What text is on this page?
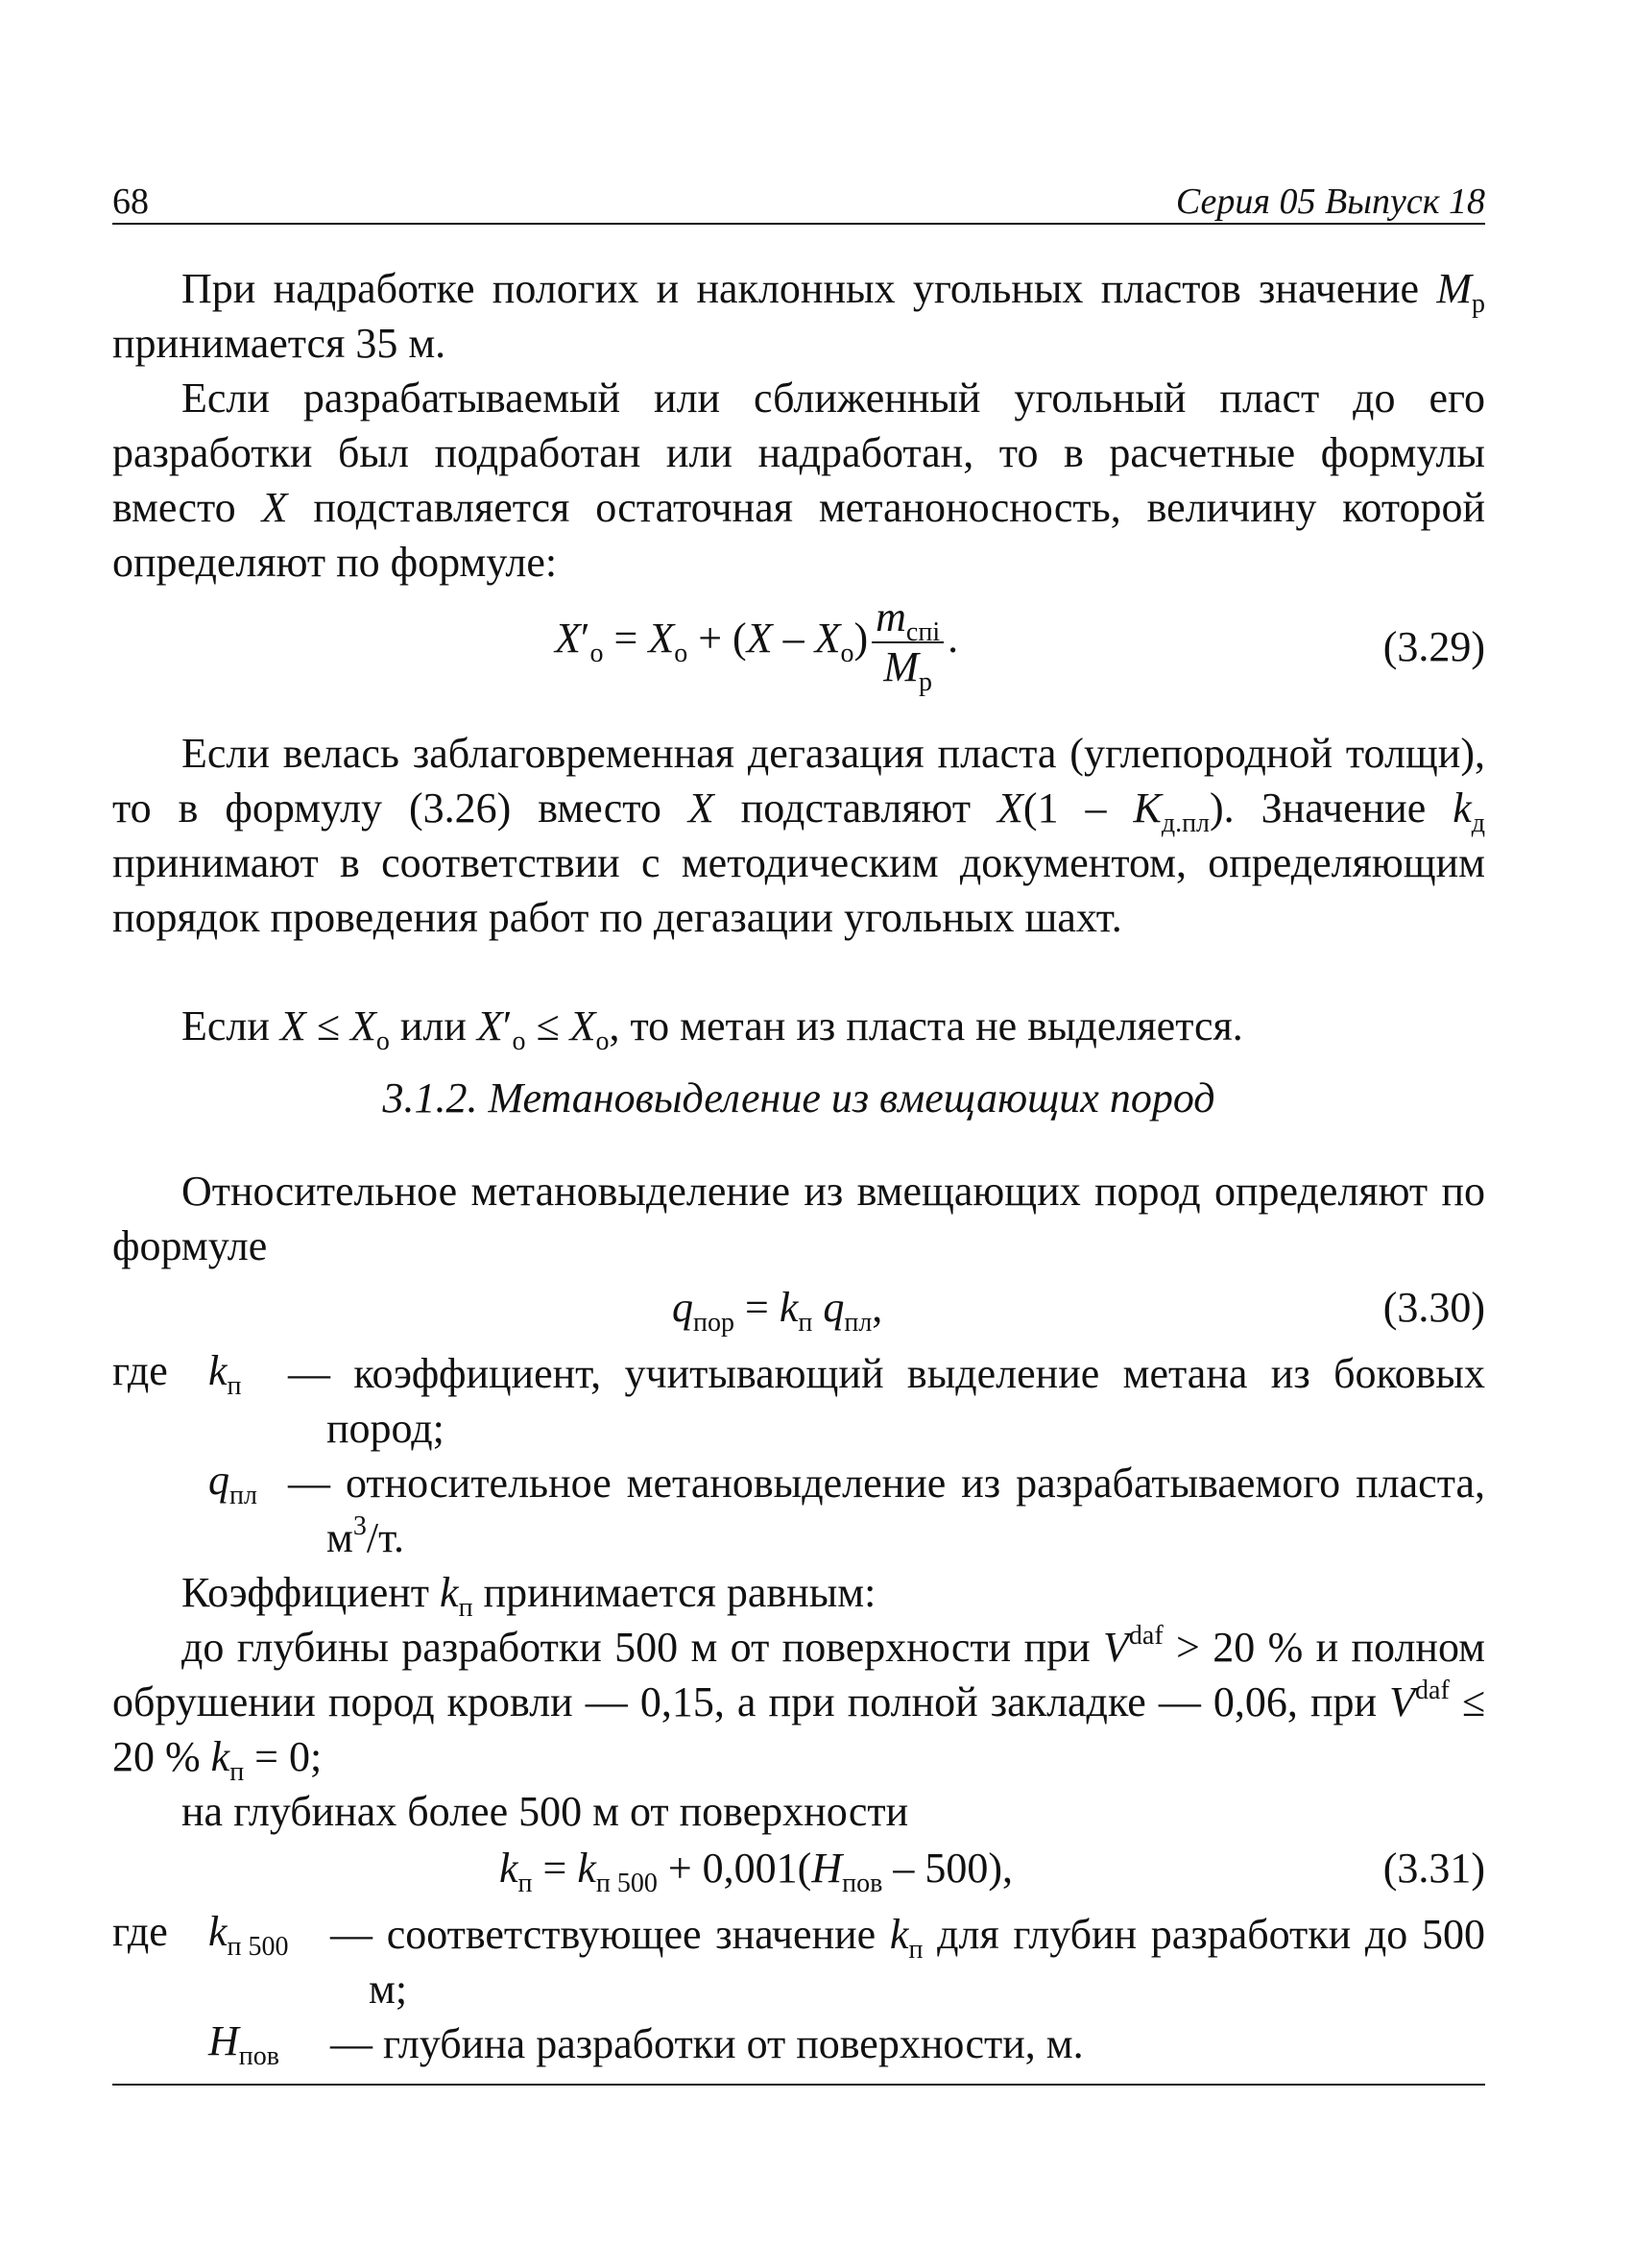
68	Серия 05 Выпуск 18

При надработке пологих и наклонных угольных пластов значение $M_р$ принимается 35 м.

Если разрабатываемый или сближенный угольный пласт до его разработки был подработан или надработан, то в расчетные формулы вместо X подставляется остаточная метаноносность, величину которой определяют по формуле:

$X'_о = X_о + (X - X_о) \frac{m_{спi}}{M_р}$ .	(3.29)

Если велась заблаговременная дегазация пласта (углепородной толщи), то в формулу (3.26) вместо X подставляют $X(1 - K_{д.пл})$. Значение $k_д$ принимают в соответствии с методическим документом, определяющим порядок проведения работ по дегазации угольных шахт.

Если $X \le X_о$ или $X'_о \le X_о$, то метан из пласта не выделяется.

3.1.2. Метановыделение из вмещающих пород

Относительное метановыделение из вмещающих пород определяют по формуле

$q_{пор} = k_п$ $q_{пл}$,	(3.30)
где $k_п$ — коэффициент, учитывающий выделение метана из боковых пород;
$q_{пл}$ — относительное метановыделение из разрабатываемого пласта, $м^3/т$.

Коэффициент $k_п$ принимается равным:

до глубины разработки 500 м от поверхности при $V^{daf} > 20$ % и полном обрушении пород кровли — 0,15, а при полной закладке — 0,06, при $V^{daf} \le 20$ % $k_п = 0$;

на глубинах более 500 м от поверхности

$k_п = k_{п 500} + 0,001(H_{пов} - 500)$,	(3.31)
где $k_{п 500}$ — соответствующее значение $k_п$ для глубин разработки до 500 м;
$H_{пов}$ — глубина разработки от поверхности, м.
